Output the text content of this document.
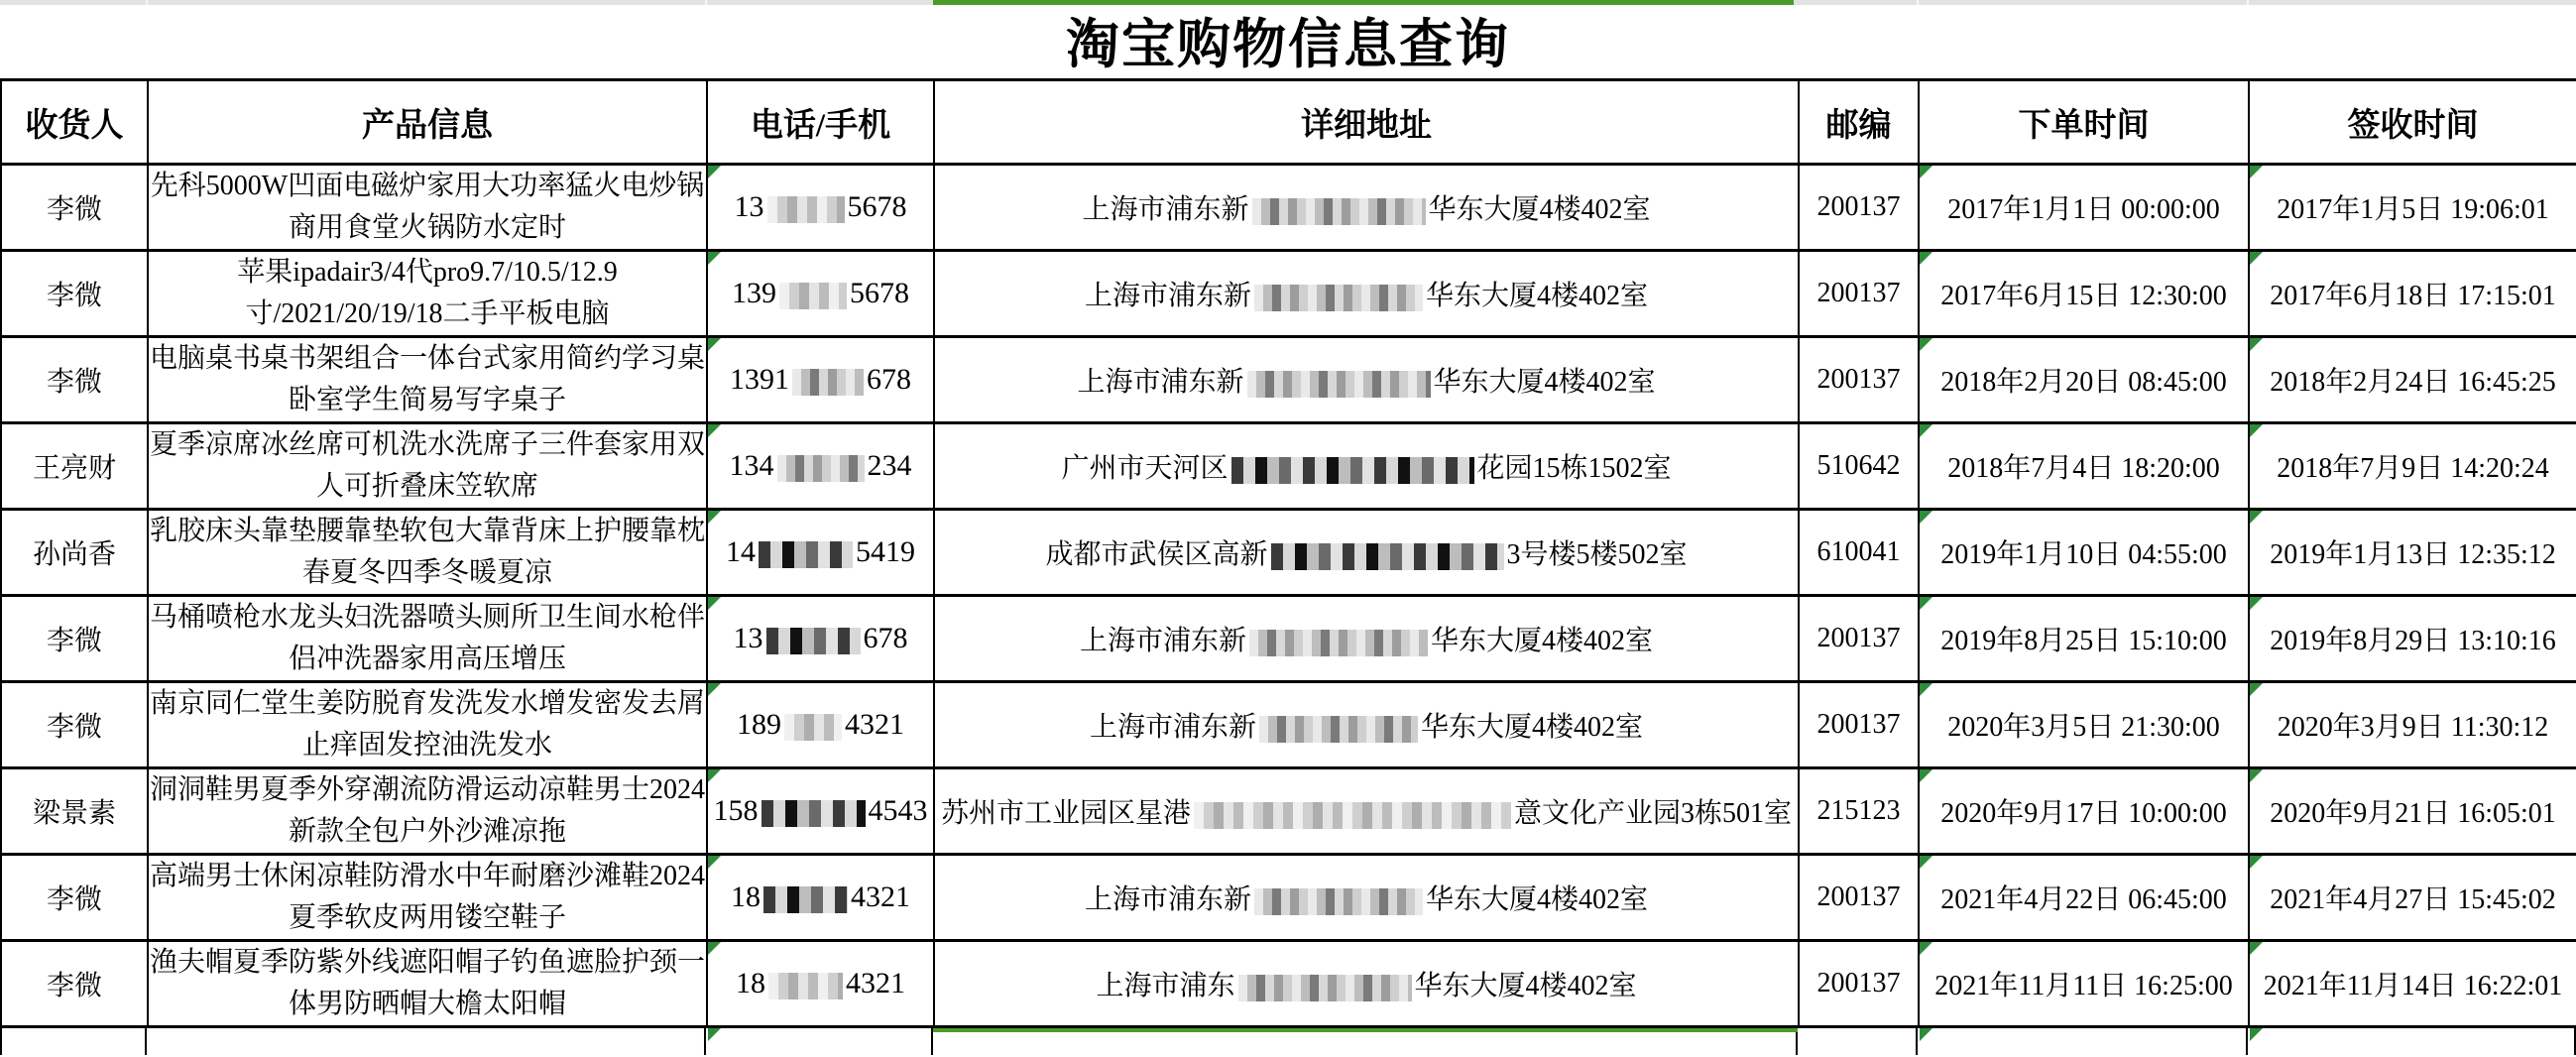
淘宝购物信息查询
收货人	产品信息	电话/手机	详细地址	邮编	下单时间	签收时间
李微	先科5000W凹面电磁炉家用大功率猛火电炒锅商用食堂火锅防水定时	13 5678	上海市浦东新 华东大厦4楼402室	200137	2017年1月1日 00:00:00	2017年1月5日 19:06:01
李微	苹果ipadair3/4代pro9.7/10.5/12.9寸/2021/20/19/18二手平板电脑	139 5678	上海市浦东新 华东大厦4楼402室	200137	2017年6月15日 12:30:00	2017年6月18日 17:15:01
李微	电脑桌书桌书架组合一体台式家用简约学习桌卧室学生简易写字桌子	1391 678	上海市浦东新 华东大厦4楼402室	200137	2018年2月20日 08:45:00	2018年2月24日 16:45:25
王亮财	夏季凉席冰丝席可机洗水洗席子三件套家用双人可折叠床笠软席	134 234	广州市天河区 花园15栋1502室	510642	2018年7月4日 18:20:00	2018年7月9日 14:20:24
孙尚香	乳胶床头靠垫腰靠垫软包大靠背床上护腰靠枕春夏冬四季冬暖夏凉	14 5419	成都市武侯区高新 3号楼5楼502室	610041	2019年1月10日 04:55:00	2019年1月13日 12:35:12
李微	马桶喷枪水龙头妇洗器喷头厕所卫生间水枪伴侣冲洗器家用高压增压	13 678	上海市浦东新 华东大厦4楼402室	200137	2019年8月25日 15:10:00	2019年8月29日 13:10:16
李微	南京同仁堂生姜防脱育发洗发水增发密发去屑止痒固发控油洗发水	189 4321	上海市浦东新 华东大厦4楼402室	200137	2020年3月5日 21:30:00	2020年3月9日 11:30:12
梁景素	洞洞鞋男夏季外穿潮流防滑运动凉鞋男士2024新款全包户外沙滩凉拖	158 4543	苏州市工业园区星港 意文化产业园3栋501室	215123	2020年9月17日 10:00:00	2020年9月21日 16:05:01
李微	高端男士休闲凉鞋防滑水中年耐磨沙滩鞋2024夏季软皮两用镂空鞋子	18 4321	上海市浦东新 华东大厦4楼402室	200137	2021年4月22日 06:45:00	2021年4月27日 15:45:02
李微	渔夫帽夏季防紫外线遮阳帽子钓鱼遮脸护颈一体男防晒帽大檐太阳帽	18 4321	上海市浦东 华东大厦4楼402室	200137	2021年11月11日 16:25:00	2021年11月14日 16:22:01
